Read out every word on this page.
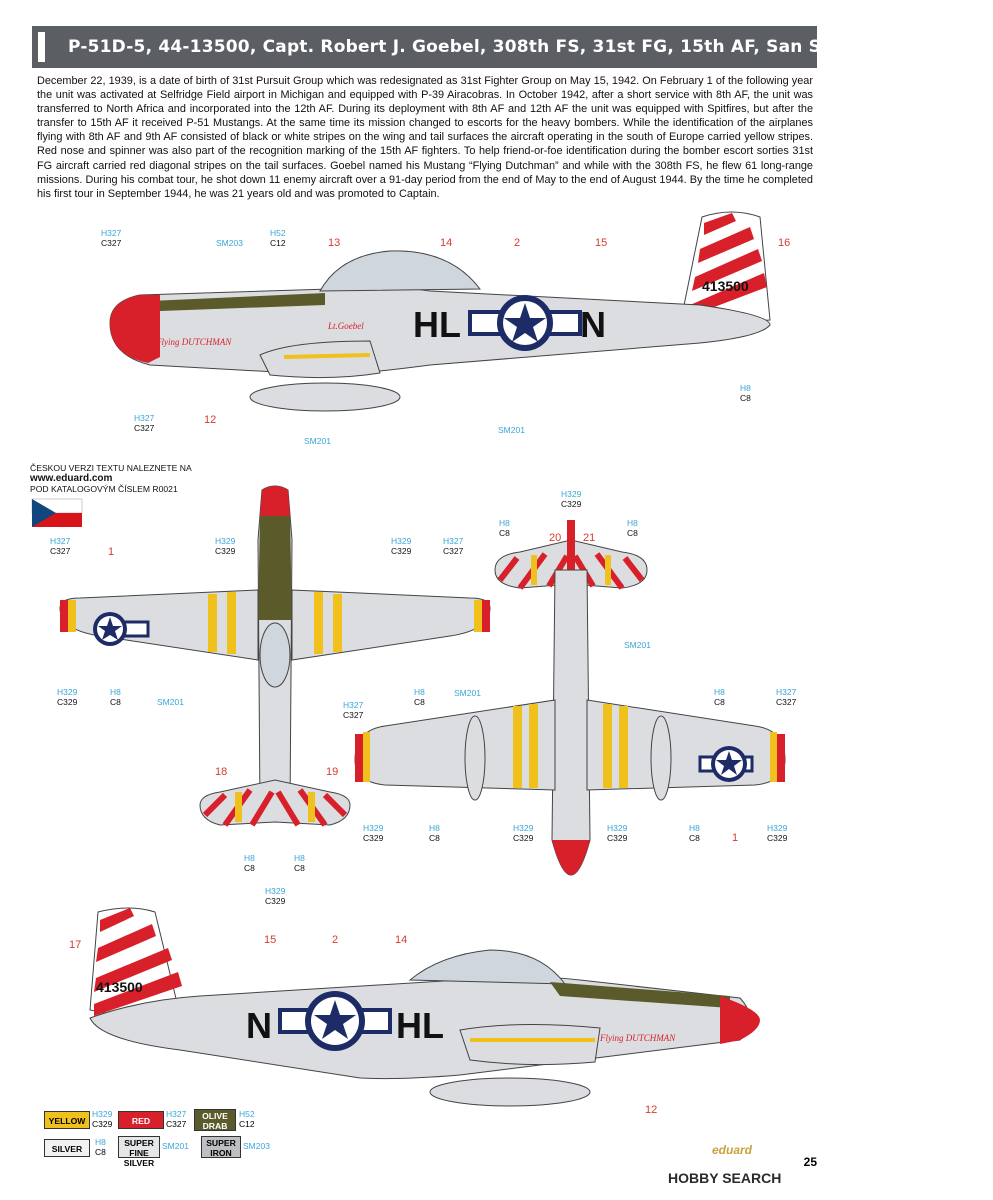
P-51D-5, 44-13500, Capt. Robert J. Goebel, 308th FS, 31st FG, 15th AF, San Severo, Italy, 1944
December 22, 1939, is a date of birth of 31st Pursuit Group which was redesignated as 31st Fighter Group on May 15, 1942. On February 1 of the following year the unit was activated at Selfridge Field airport in Michigan and equipped with P-39 Airacobras. In October 1942, after a short service with 8th AF, the unit was transferred to North Africa and incorporated into the 12th AF. During its deployment with 8th AF and 12th AF the unit was equipped with Spitfires, but after the transfer to 15th AF it received P-51 Mustangs. At the same time its mission changed to escorts for the heavy bombers. While the identification of the airplanes flying with 8th AF and 9th AF consisted of black or white stripes on the wing and tail surfaces the aircraft operating in the south of Europe carried yellow stripes. Red nose and spinner was also part of the recognition marking of the 15th AF fighters. To help friend-or-foe identification during the bomber escort sorties 31st FG aircraft carried red diagonal stripes on the tail surfaces. Goebel named his Mustang “Flying Dutchman” and while with the 308th FS, he flew 61 long-range missions. During his combat tour, he shot down 11 enemy aircraft over a 91-day period from the end of May to the end of August 1944. By the time he completed his first tour in September 1944, he was 21 years old and was promoted to Captain.
HL	N
413500
Flying DUTCHMAN
Lt.Goebel
H327
C327	SM203
H52
C12	13	14	2	15	16
H8
C8
H327
C327
12
SM201
SM201
ČESKOU VERZI TEXTU NALEZNETE NA
www.eduard.com
POD KATALOGOVÝM ČÍSLEM R0021
H327
C327	1
H329
C329
H329
C329
H329
C329
H8
C8	SM201
18	19
H8
C8
H8
C8
H329
C329
H329
C329
H8
C8
H8
C8
20 21
H327
C327
SM201
SM201
H8
C8
H327
C327
H8
C8
H327
C327
H329
C329
H8
C8
H329
C329
H329
C329
H8
C8	1
H329
C329
N	HL
413500
Flying DUTCHMAN
17	15	2	14
12
YELLOW
H329
C329	RED
H327
C327
OLIVE DRAB
H52
C12
SILVER
H8
C8
SUPER FINE SILVER
SM201	SUPER IRON
SM203	eduard
25
HOBBY SEARCH
